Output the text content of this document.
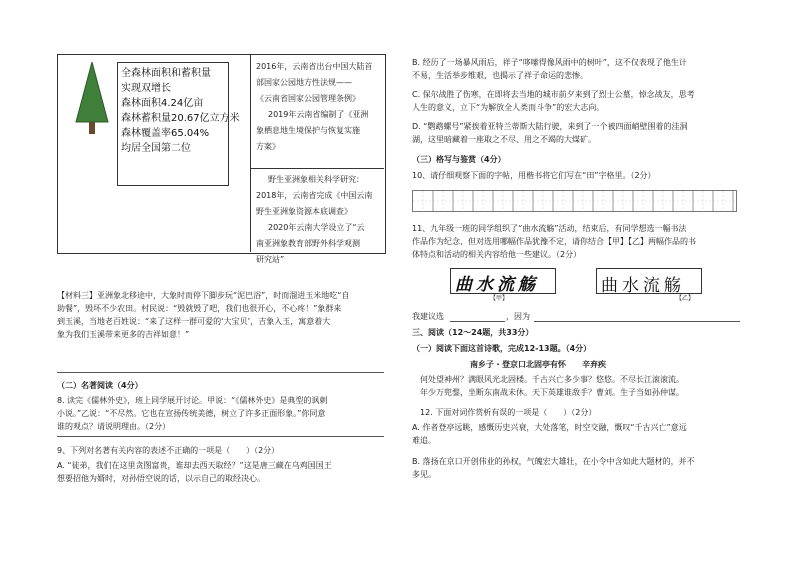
全森林面积和蓄积量
实现双增长
森林面积4.24亿亩
森林蓄积量20.67亿立方米
森林覆盖率65.04%
均居全国第二位
2016年，云南省出台中国大陆首
部国家公园地方性法规——
《云南省国家公园管理条例》
2019年云南省编制了《亚洲
象栖息地生境保护与恢复实施
方案》
野生亚洲象相关科学研究：
2018年，云南省完成《中国云南
野生亚洲象资源本底调查》
2020年云南大学设立了“云
南亚洲象教育部野外科学观测
研究站”
【材料三】亚洲象北移途中，大象时而停下脚步玩“泥巴浴”，时而溜进玉米地吃“自
助餐”，毁坏不少农田。村民说：“毁就毁了吧，我们也很开心，不心疼！”象群来
到玉溪，当地老百姓说：“来了这样一群可爱的‘大宝贝’，吉象入玉，寓意着大
象为我们玉溪带来更多的吉祥如意！”
（二）名著阅读（4分）
8. 读完《儒林外史》，班上同学展开讨论。甲说：“《儒林外史》是典型的讽刺
小说。”乙说：“不尽然。它也在宣扬传统美德，树立了许多正面形象。”你同意
谁的观点？请说明理由。（2分）
9、下列对名著有关内容的表述不正确的一项是（　　）（2分）
A. “徒弟，我们在这里贪图富贵，谁却去西天取经？”这是唐三藏在乌鸡国国王
想要招他为婿时，对孙悟空说的话，以示自己的取经决心。
B. 经历了一场暴风雨后，祥子“哆嗦得像风雨中的树叶”，这不仅表现了他生计
不易，生活举步维艰，也揭示了祥子命运的悲惨。
C. 保尔战胜了伤寒，在即将去当地的城市前夕来到了烈士公墓，悼念战友，思考
人生的意义，立下“为解放全人类而斗争”的宏大志向。
D. “鹦鹉螺号”紧挨着亚特兰蒂斯大陆行驶，来到了一个被四面峭壁围着的洼洞
湖，这里暗藏着一座取之不尽、用之不竭的大煤矿。
（三）格写与鉴赏（4分）
10、请仔细观察下面的字帖，用楷书将它们写在“田”字格里。（2分）
11、九年级一班的同学组织了“曲水流觞”活动，结束后，有同学想选一幅书法
作品作为纪念，但对选用哪幅作品犹豫不定，请你结合【甲】【乙】两幅作品的书
体特点和活动的相关内容给他一些建议。（2分）
曲水流觞
【甲】
曲水流觞
【乙】
我建议选	，因为
三、阅读（12～24题，共33分）
（一）阅读下面这首诗歌，完成12-13题。（4分）
南乡子・登京口北固亭有怀　　辛弃疾
何处望神州？满眼风光北固楼。千古兴亡多少事？悠悠。不尽长江滚滚流。
年少万兜鍪，坐断东南战未休。天下英雄谁敌手？曹刘。生子当如孙仲谋。
12. 下面对词作赏析有误的一项是（　　）（2分）
A. 作者登亭远眺，感慨历史兴衰，大处落笔，时空交融，慨叹“千古兴亡”意远
难追。
B. 落扬在京口开创伟业的孙权，气魄宏大雄壮，在小令中含如此大题材的，并不
多见。
